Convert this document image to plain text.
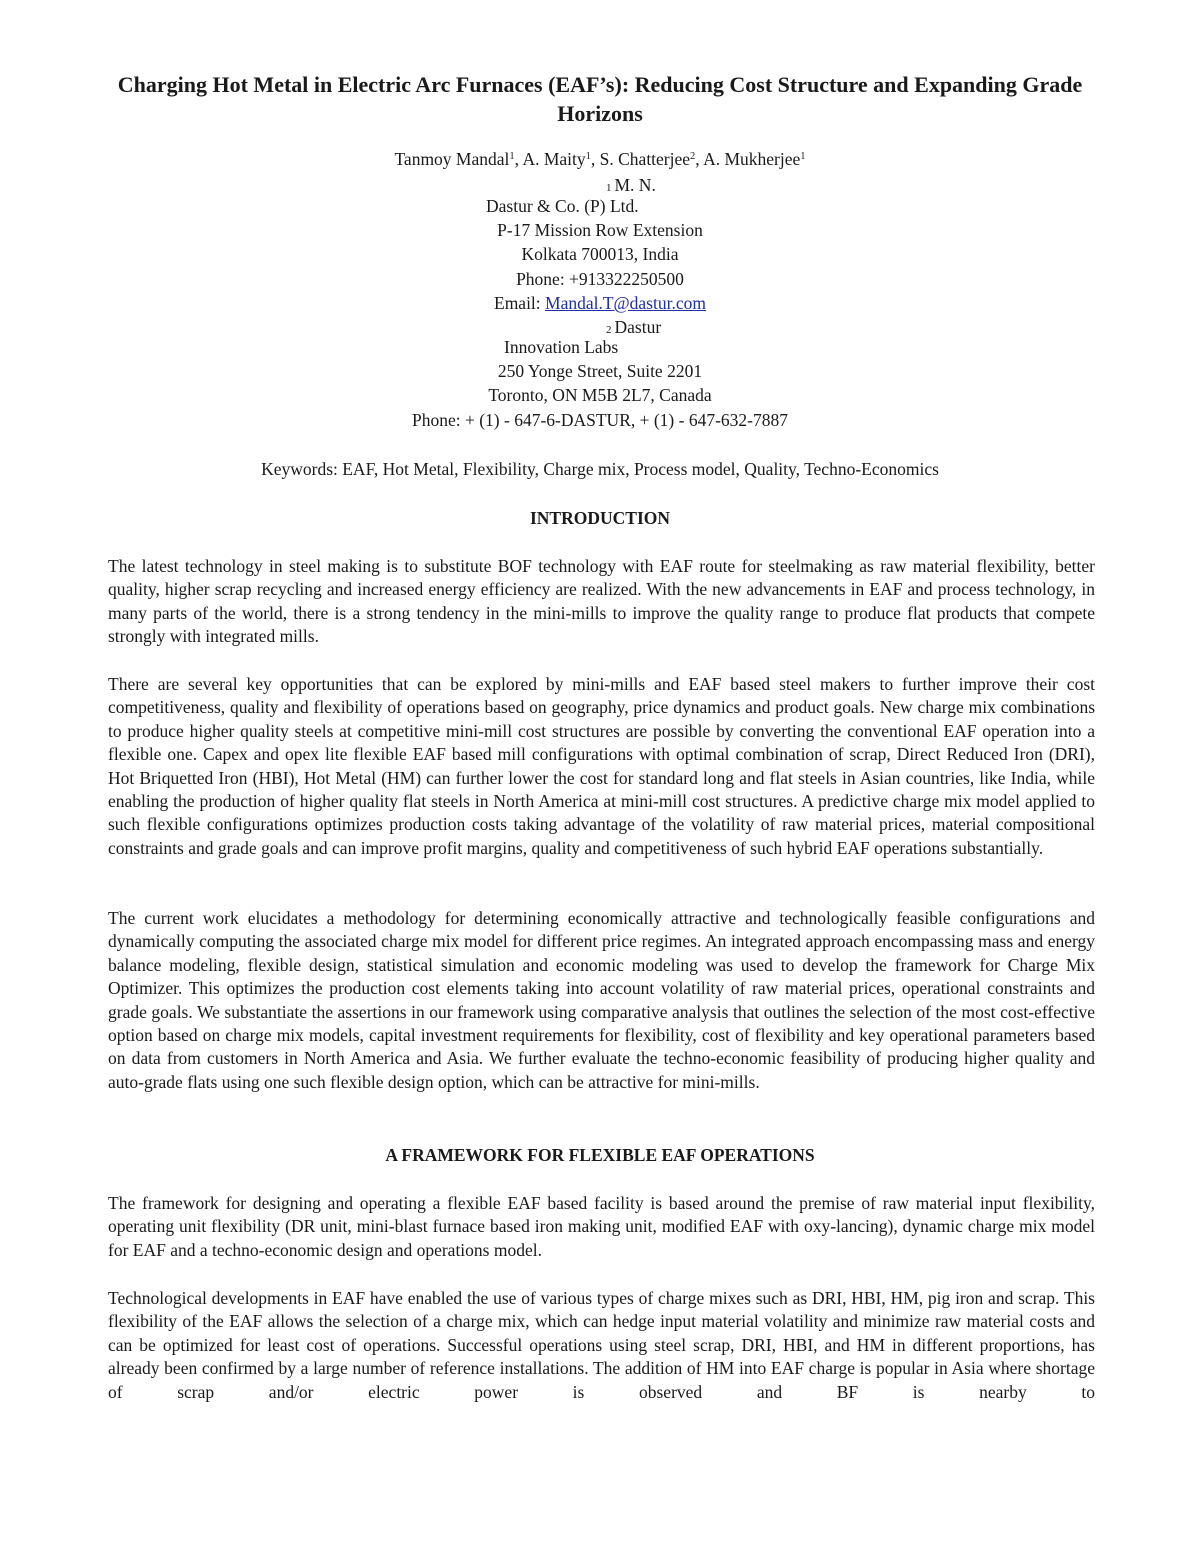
Charging Hot Metal in Electric Arc Furnaces (EAF’s): Reducing Cost Structure and Expanding Grade Horizons
Tanmoy Mandal$^1$, A. Maity$^1$, S. Chatterjee$^2$, A. Mukherjee$^1$
1 M. N.
Dastur & Co. (P) Ltd.
P-17 Mission Row Extension
Kolkata 700013, India
Phone: +913322250500
Email: Mandal.T@dastur.com
2 Dastur
Innovation Labs
250 Yonge Street, Suite 2201
Toronto, ON M5B 2L7, Canada
Phone: + (1) - 647-6-DASTUR, + (1) - 647-632-7887
Keywords: EAF, Hot Metal, Flexibility, Charge mix, Process model, Quality, Techno-Economics
INTRODUCTION

The latest technology in steel making is to substitute BOF technology with EAF route for steelmaking as raw material flexibility, better quality, higher scrap recycling and increased energy efficiency are realized. With the new advancements in EAF and process technology, in many parts of the world, there is a strong tendency in the mini-mills to improve the quality range to produce flat products that compete strongly with integrated mills.

There are several key opportunities that can be explored by mini-mills and EAF based steel makers to further improve their cost competitiveness, quality and flexibility of operations based on geography, price dynamics and product goals. New charge mix combinations to produce higher quality steels at competitive mini-mill cost structures are possible by converting the conventional EAF operation into a flexible one. Capex and opex lite flexible EAF based mill configurations with optimal combination of scrap, Direct Reduced Iron (DRI), Hot Briquetted Iron (HBI), Hot Metal (HM) can further lower the cost for standard long and flat steels in Asian countries, like India, while enabling the production of higher quality flat steels in North America at mini-mill cost structures. A predictive charge mix model applied to such flexible configurations optimizes production costs taking advantage of the volatility of raw material prices, material compositional constraints and grade goals and can improve profit margins, quality and competitiveness of such hybrid EAF operations substantially.

The current work elucidates a methodology for determining economically attractive and technologically feasible configurations and dynamically computing the associated charge mix model for different price regimes. An integrated approach encompassing mass and energy balance modeling, flexible design, statistical simulation and economic modeling was used to develop the framework for Charge Mix Optimizer. This optimizes the production cost elements taking into account volatility of raw material prices, operational constraints and grade goals. We substantiate the assertions in our framework using comparative analysis that outlines the selection of the most cost-effective option based on charge mix models, capital investment requirements for flexibility, cost of flexibility and key operational parameters based on data from customers in North America and Asia. We further evaluate the techno-economic feasibility of producing higher quality and auto-grade flats using one such flexible design option, which can be attractive for mini-mills.

A FRAMEWORK FOR FLEXIBLE EAF OPERATIONS

The framework for designing and operating a flexible EAF based facility is based around the premise of raw material input flexibility, operating unit flexibility (DR unit, mini-blast furnace based iron making unit, modified EAF with oxy-lancing), dynamic charge mix model for EAF and a techno-economic design and operations model.

Technological developments in EAF have enabled the use of various types of charge mixes such as DRI, HBI, HM, pig iron and scrap. This flexibility of the EAF allows the selection of a charge mix, which can hedge input material volatility and minimize raw material costs and can be optimized for least cost of operations. Successful operations using steel scrap, DRI, HBI, and HM in different proportions, has already been confirmed by a large number of reference installations. The addition of HM into EAF charge is popular in Asia where shortage of scrap and/or electric power is observed and BF is nearby to
